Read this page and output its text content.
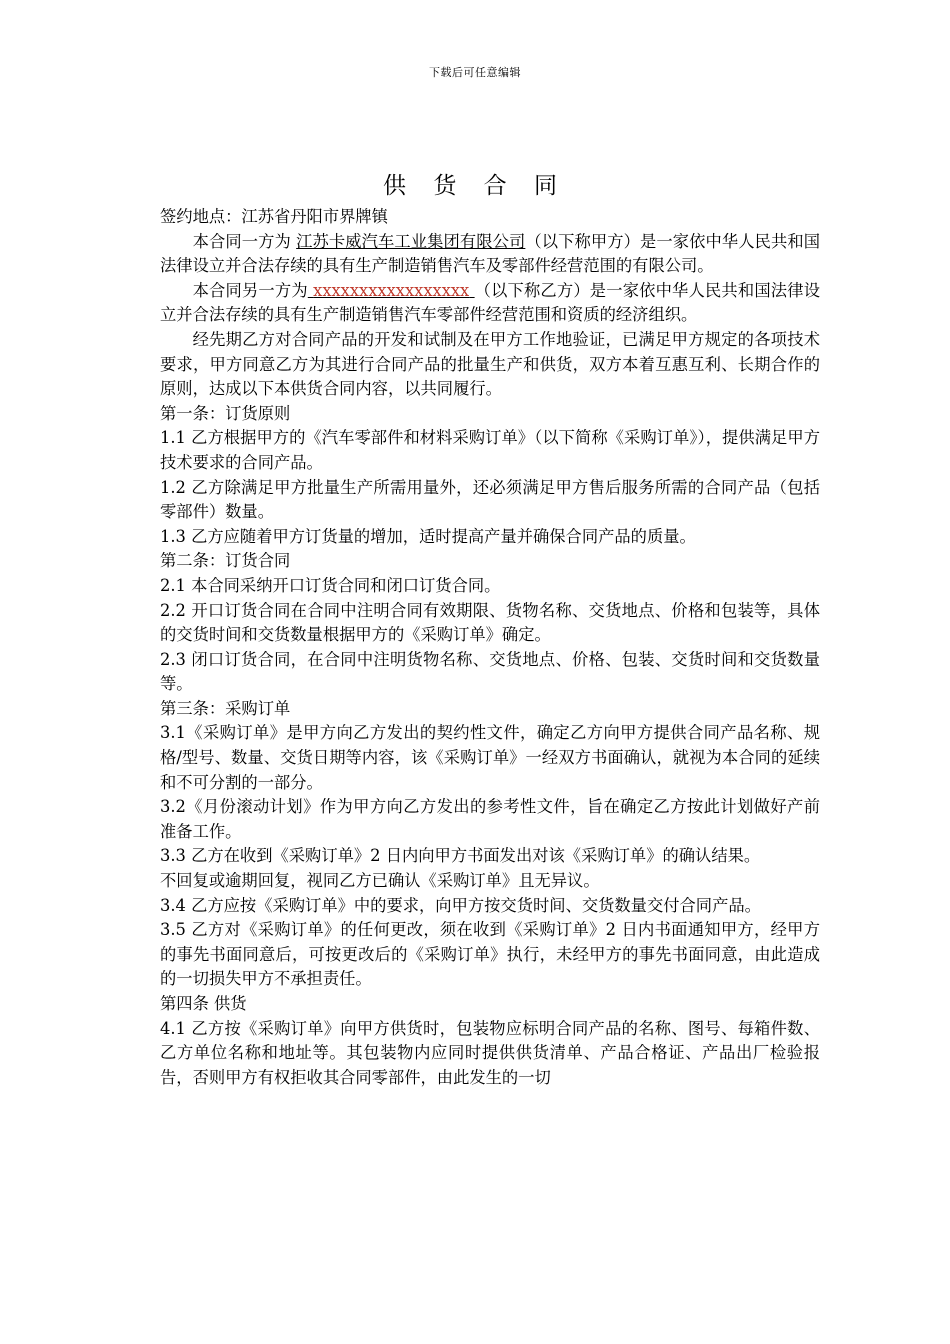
下载后可任意编辑
供 货 合 同

签约地点：江苏省丹阳市界牌镇

本合同一方为 江苏卡威汽车工业集团有限公司（以下称甲方）是一家依中华人民共和国法律设立并合法存续的具有生产制造销售汽车及零部件经营范围的有限公司。

本合同另一方为 xxxxxxxxxxxxxxxxx （以下称乙方）是一家依中华人民共和国法律设立并合法存续的具有生产制造销售汽车零部件经营范围和资质的经济组织。

经先期乙方对合同产品的开发和试制及在甲方工作地验证，已满足甲方规定的各项技术要求，甲方同意乙方为其进行合同产品的批量生产和供货，双方本着互惠互利、长期合作的原则，达成以下本供货合同内容，以共同履行。

第一条：订货原则

1.1 乙方根据甲方的《汽车零部件和材料采购订单》（以下简称《采购订单》），提供满足甲方技术要求的合同产品。

1.2 乙方除满足甲方批量生产所需用量外，还必须满足甲方售后服务所需的合同产品（包括零部件）数量。

1.3 乙方应随着甲方订货量的增加，适时提高产量并确保合同产品的质量。

第二条：订货合同

2.1 本合同采纳开口订货合同和闭口订货合同。

2.2 开口订货合同在合同中注明合同有效期限、货物名称、交货地点、价格和包装等，具体的交货时间和交货数量根据甲方的《采购订单》确定。

2.3 闭口订货合同，在合同中注明货物名称、交货地点、价格、包装、交货时间和交货数量等。

第三条：采购订单

3.1《采购订单》是甲方向乙方发出的契约性文件，确定乙方向甲方提供合同产品名称、规格/型号、数量、交货日期等内容，该《采购订单》一经双方书面确认，就视为本合同的延续和不可分割的一部分。

3.2《月份滚动计划》作为甲方向乙方发出的参考性文件，旨在确定乙方按此计划做好产前准备工作。

3.3 乙方在收到《采购订单》2 日内向甲方书面发出对该《采购订单》的确认结果。

不回复或逾期回复，视同乙方已确认《采购订单》且无异议。

3.4 乙方应按《采购订单》中的要求，向甲方按交货时间、交货数量交付合同产品。

3.5 乙方对《采购订单》的任何更改，须在收到《采购订单》2 日内书面通知甲方，经甲方的事先书面同意后，可按更改后的《采购订单》执行，未经甲方的事先书面同意，由此造成的一切损失甲方不承担责任。

第四条 供货

4.1 乙方按《采购订单》向甲方供货时，包装物应标明合同产品的名称、图号、每箱件数、乙方单位名称和地址等。其包装物内应同时提供供货清单、产品合格证、产品出厂检验报告，否则甲方有权拒收其合同零部件，由此发生的一切
